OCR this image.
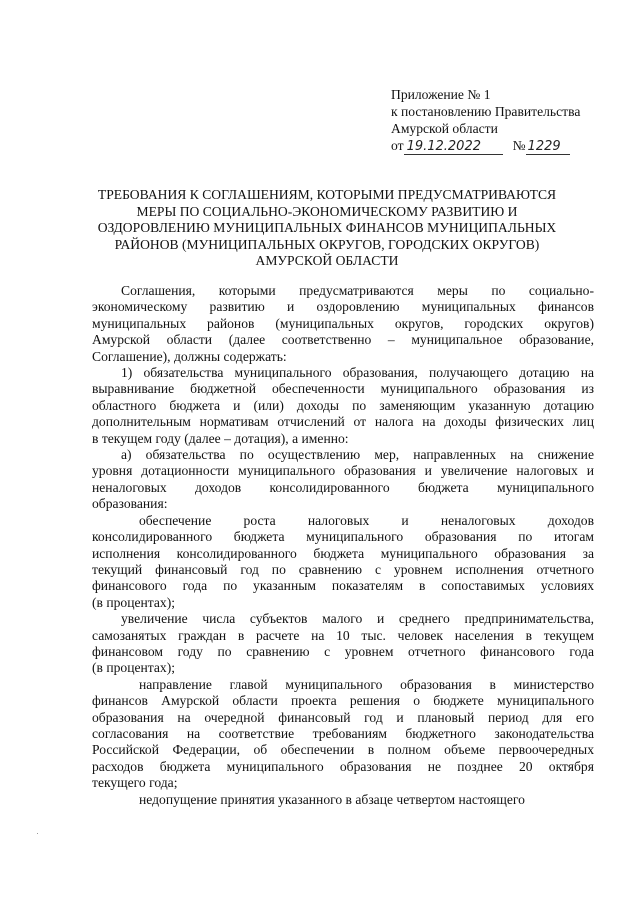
Приложение № 1
к постановлению Правительства
Амурской области
от 19.12.2022 № 1229
ТРЕБОВАНИЯ К СОГЛАШЕНИЯМ, КОТОРЫМИ ПРЕДУСМАТРИВАЮТСЯ
МЕРЫ ПО СОЦИАЛЬНО-ЭКОНОМИЧЕСКОМУ РАЗВИТИЮ И
ОЗДОРОВЛЕНИЮ МУНИЦИПАЛЬНЫХ ФИНАНСОВ МУНИЦИПАЛЬНЫХ
РАЙОНОВ (МУНИЦИПАЛЬНЫХ ОКРУГОВ, ГОРОДСКИХ ОКРУГОВ)
АМУРСКОЙ ОБЛАСТИ
Соглашения, которыми предусматриваются меры по социально-
экономическому развитию и оздоровлению муниципальных финансов
муниципальных районов (муниципальных округов, городских округов)
Амурской области (далее соответственно – муниципальное образование,
Соглашение), должны содержать:
1) обязательства муниципального образования, получающего дотацию на
выравнивание бюджетной обеспеченности муниципального образования из
областного бюджета и (или) доходы по заменяющим указанную дотацию
дополнительным нормативам отчислений от налога на доходы физических лиц
в текущем году (далее – дотация), а именно:
а) обязательства по осуществлению мер, направленных на снижение
уровня дотационности муниципального образования и увеличение налоговых и
неналоговых доходов консолидированного бюджета муниципального
образования:
обеспечение роста налоговых и неналоговых доходов
консолидированного бюджета муниципального образования по итогам
исполнения консолидированного бюджета муниципального образования за
текущий финансовый год по сравнению с уровнем исполнения отчетного
финансового года по указанным показателям в сопоставимых условиях
(в процентах);
увеличение числа субъектов малого и среднего предпринимательства,
самозанятых граждан в расчете на 10 тыс. человек населения в текущем
финансовом году по сравнению с уровнем отчетного финансового года
(в процентах);
направление главой муниципального образования в министерство
финансов Амурской области проекта решения о бюджете муниципального
образования на очередной финансовый год и плановый период для его
согласования на соответствие требованиям бюджетного законодательства
Российской Федерации, об обеспечении в полном объеме первоочередных
расходов бюджета муниципального образования не позднее 20 октября
текущего года;
недопущение принятия указанного в абзаце четвертом настоящего
